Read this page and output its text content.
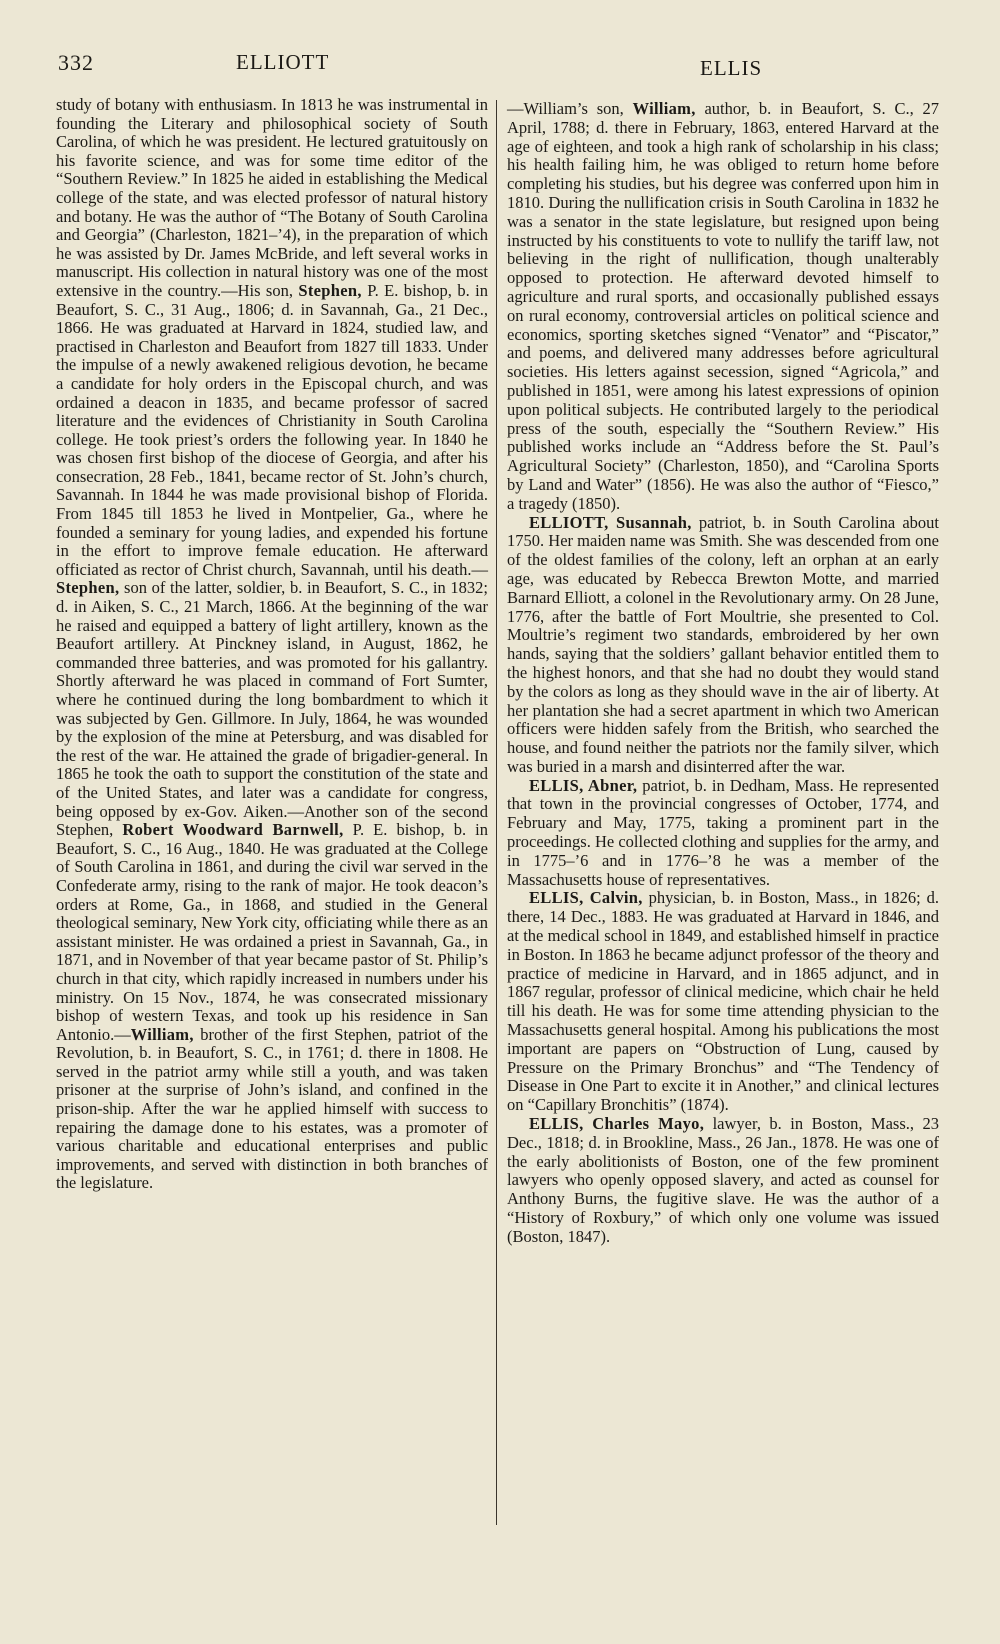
332	ELLIOTT	ELLIS

study of botany with enthusiasm. In 1813 he was instrumental in founding the Literary and philosophical society of South Carolina, of which he was president. He lectured gratuitously on his favorite science, and was for some time editor of the “Southern Review.” In 1825 he aided in establishing the Medical college of the state, and was elected professor of natural history and botany. He was the author of “The Botany of South Carolina and Georgia” (Charleston, 1821–’4), in the preparation of which he was assisted by Dr. James McBride, and left several works in manuscript. His collection in natural history was one of the most extensive in the country.—His son, Stephen, P. E. bishop, b. in Beaufort, S. C., 31 Aug., 1806; d. in Savannah, Ga., 21 Dec., 1866. He was graduated at Harvard in 1824, studied law, and practised in Charleston and Beaufort from 1827 till 1833. Under the impulse of a newly awakened religious devotion, he became a candidate for holy orders in the Episcopal church, and was ordained a deacon in 1835, and became professor of sacred literature and the evidences of Christianity in South Carolina college. He took priest’s orders the following year. In 1840 he was chosen first bishop of the diocese of Georgia, and after his consecration, 28 Feb., 1841, became rector of St. John’s church, Savannah. In 1844 he was made provisional bishop of Florida. From 1845 till 1853 he lived in Montpelier, Ga., where he founded a seminary for young ladies, and expended his fortune in the effort to improve female education. He afterward officiated as rector of Christ church, Savannah, until his death.—Stephen, son of the latter, soldier, b. in Beaufort, S. C., in 1832; d. in Aiken, S. C., 21 March, 1866. At the beginning of the war he raised and equipped a battery of light artillery, known as the Beaufort artillery. At Pinckney island, in August, 1862, he commanded three batteries, and was promoted for his gallantry. Shortly afterward he was placed in command of Fort Sumter, where he continued during the long bombardment to which it was subjected by Gen. Gillmore. In July, 1864, he was wounded by the explosion of the mine at Petersburg, and was disabled for the rest of the war. He attained the grade of brigadier-general. In 1865 he took the oath to support the constitution of the state and of the United States, and later was a candidate for congress, being opposed by ex-Gov. Aiken.—Another son of the second Stephen, Robert Woodward Barnwell, P. E. bishop, b. in Beaufort, S. C., 16 Aug., 1840. He was graduated at the College of South Carolina in 1861, and during the civil war served in the Confederate army, rising to the rank of major. He took deacon’s orders at Rome, Ga., in 1868, and studied in the General theological seminary, New York city, officiating while there as an assistant minister. He was ordained a priest in Savannah, Ga., in 1871, and in November of that year became pastor of St. Philip’s church in that city, which rapidly increased in numbers under his ministry. On 15 Nov., 1874, he was consecrated missionary bishop of western Texas, and took up his residence in San Antonio.—William, brother of the first Stephen, patriot of the Revolution, b. in Beaufort, S. C., in 1761; d. there in 1808. He served in the patriot army while still a youth, and was taken prisoner at the surprise of John’s island, and confined in the prison-ship. After the war he applied himself with success to repairing the damage done to his estates, was a promoter of various charitable and educational enterprises and public improvements, and served with distinction in both branches of the legislature.

—William’s son, William, author, b. in Beaufort, S. C., 27 April, 1788; d. there in February, 1863, entered Harvard at the age of eighteen, and took a high rank of scholarship in his class; his health failing him, he was obliged to return home before completing his studies, but his degree was conferred upon him in 1810. During the nullification crisis in South Carolina in 1832 he was a senator in the state legislature, but resigned upon being instructed by his constituents to vote to nullify the tariff law, not believing in the right of nullification, though unalterably opposed to protection. He afterward devoted himself to agriculture and rural sports, and occasionally published essays on rural economy, controversial articles on political science and economics, sporting sketches signed “Venator” and “Piscator,” and poems, and delivered many addresses before agricultural societies. His letters against secession, signed “Agricola,” and published in 1851, were among his latest expressions of opinion upon political subjects. He contributed largely to the periodical press of the south, especially the “Southern Review.” His published works include an “Address before the St. Paul’s Agricultural Society” (Charleston, 1850), and “Carolina Sports by Land and Water” (1856). He was also the author of “Fiesco,” a tragedy (1850).

ELLIOTT, Susannah, patriot, b. in South Carolina about 1750. Her maiden name was Smith. She was descended from one of the oldest families of the colony, left an orphan at an early age, was educated by Rebecca Brewton Motte, and married Barnard Elliott, a colonel in the Revolutionary army. On 28 June, 1776, after the battle of Fort Moultrie, she presented to Col. Moultrie’s regiment two standards, embroidered by her own hands, saying that the soldiers’ gallant behavior entitled them to the highest honors, and that she had no doubt they would stand by the colors as long as they should wave in the air of liberty. At her plantation she had a secret apartment in which two American officers were hidden safely from the British, who searched the house, and found neither the patriots nor the family silver, which was buried in a marsh and disinterred after the war.

ELLIS, Abner, patriot, b. in Dedham, Mass. He represented that town in the provincial congresses of October, 1774, and February and May, 1775, taking a prominent part in the proceedings. He collected clothing and supplies for the army, and in 1775–’6 and in 1776–’8 he was a member of the Massachusetts house of representatives.

ELLIS, Calvin, physician, b. in Boston, Mass., in 1826; d. there, 14 Dec., 1883. He was graduated at Harvard in 1846, and at the medical school in 1849, and established himself in practice in Boston. In 1863 he became adjunct professor of the theory and practice of medicine in Harvard, and in 1865 adjunct, and in 1867 regular, professor of clinical medicine, which chair he held till his death. He was for some time attending physician to the Massachusetts general hospital. Among his publications the most important are papers on “Obstruction of Lung, caused by Pressure on the Primary Bronchus” and “The Tendency of Disease in One Part to excite it in Another,” and clinical lectures on “Capillary Bronchitis” (1874).

ELLIS, Charles Mayo, lawyer, b. in Boston, Mass., 23 Dec., 1818; d. in Brookline, Mass., 26 Jan., 1878. He was one of the early abolitionists of Boston, one of the few prominent lawyers who openly opposed slavery, and acted as counsel for Anthony Burns, the fugitive slave. He was the author of a “History of Roxbury,” of which only one volume was issued (Boston, 1847).
